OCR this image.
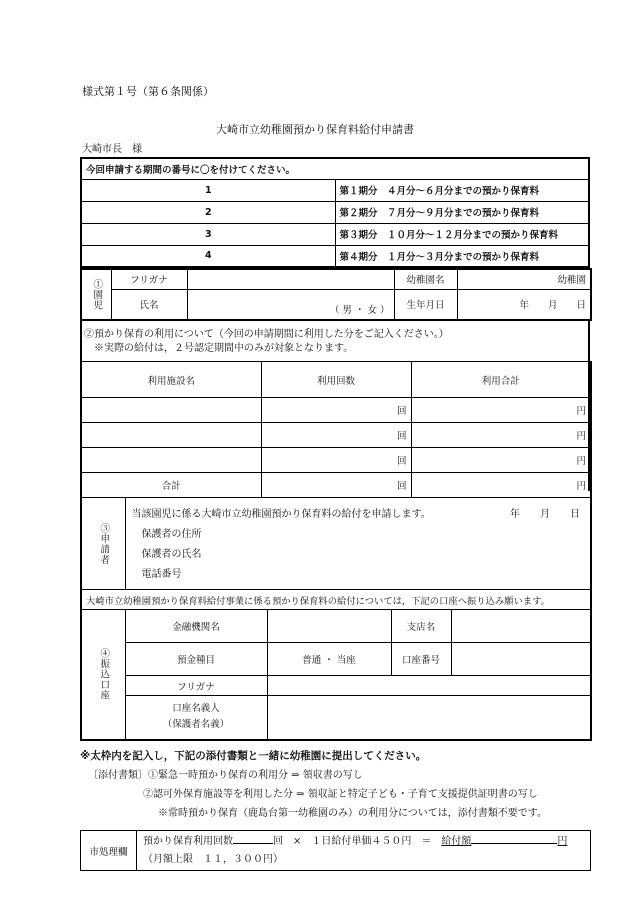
様式第１号（第６条関係）
大崎市立幼稚園預かり保育料給付申請書
大崎市長　様
今回申請する期間の番号に〇を付けてください。	
1	第１期分　４月分～６月分までの預かり保育料
2	第２期分　７月分～９月分までの預かり保育料
3	第３期分　１０月分～１２月分までの預かり保育料
4	第４期分　１月分～３月分までの預かり保育料
①園児	フリガナ		幼稚園名	幼稚園
	氏名	（ 男 ・ 女 ）	生年月日	年　　月　　日
②預かり保育の利用について（今回の申請期間に利用した分をご記入ください。）
※実際の給付は，２号認定期間中のみが対象となります。
利用施設名	利用回数	利用合計
	回	円
	回	円
	回	円
合計	回	円
③申請者

当該園児に係る大崎市立幼稚園預かり保育料の給付を申請します。	年　　月　　日
保護者の住所
保護者の氏名
電話番号

大崎市立幼稚園預かり保育料給付事業に係る預かり保育料の給付については，下記の口座へ振り込み願います。
④振込口座	金融機関名		支店名	
	預金種目	普通 ・ 当座	口座番号	
	フリガナ			

	口座名義人
（保護者名義）			

※太枠内を記入し，下記の添付書類と一緒に幼稚園に提出してください。
〔添付書類〕①緊急一時預かり保育の利用分 ⇒ 領収書の写し
②認可外保育施設等を利用した分 ⇒ 領収証と特定子ども・子育て支援提供証明書の写し
※常時預かり保育（鹿島台第一幼稚園のみ）の利用分については，添付書類不要です。
市処理欄	
預かり保育利用回数	回　×　１日給付単価４５０円　＝　 給付額	円
（月額上限　１１，３００円）
